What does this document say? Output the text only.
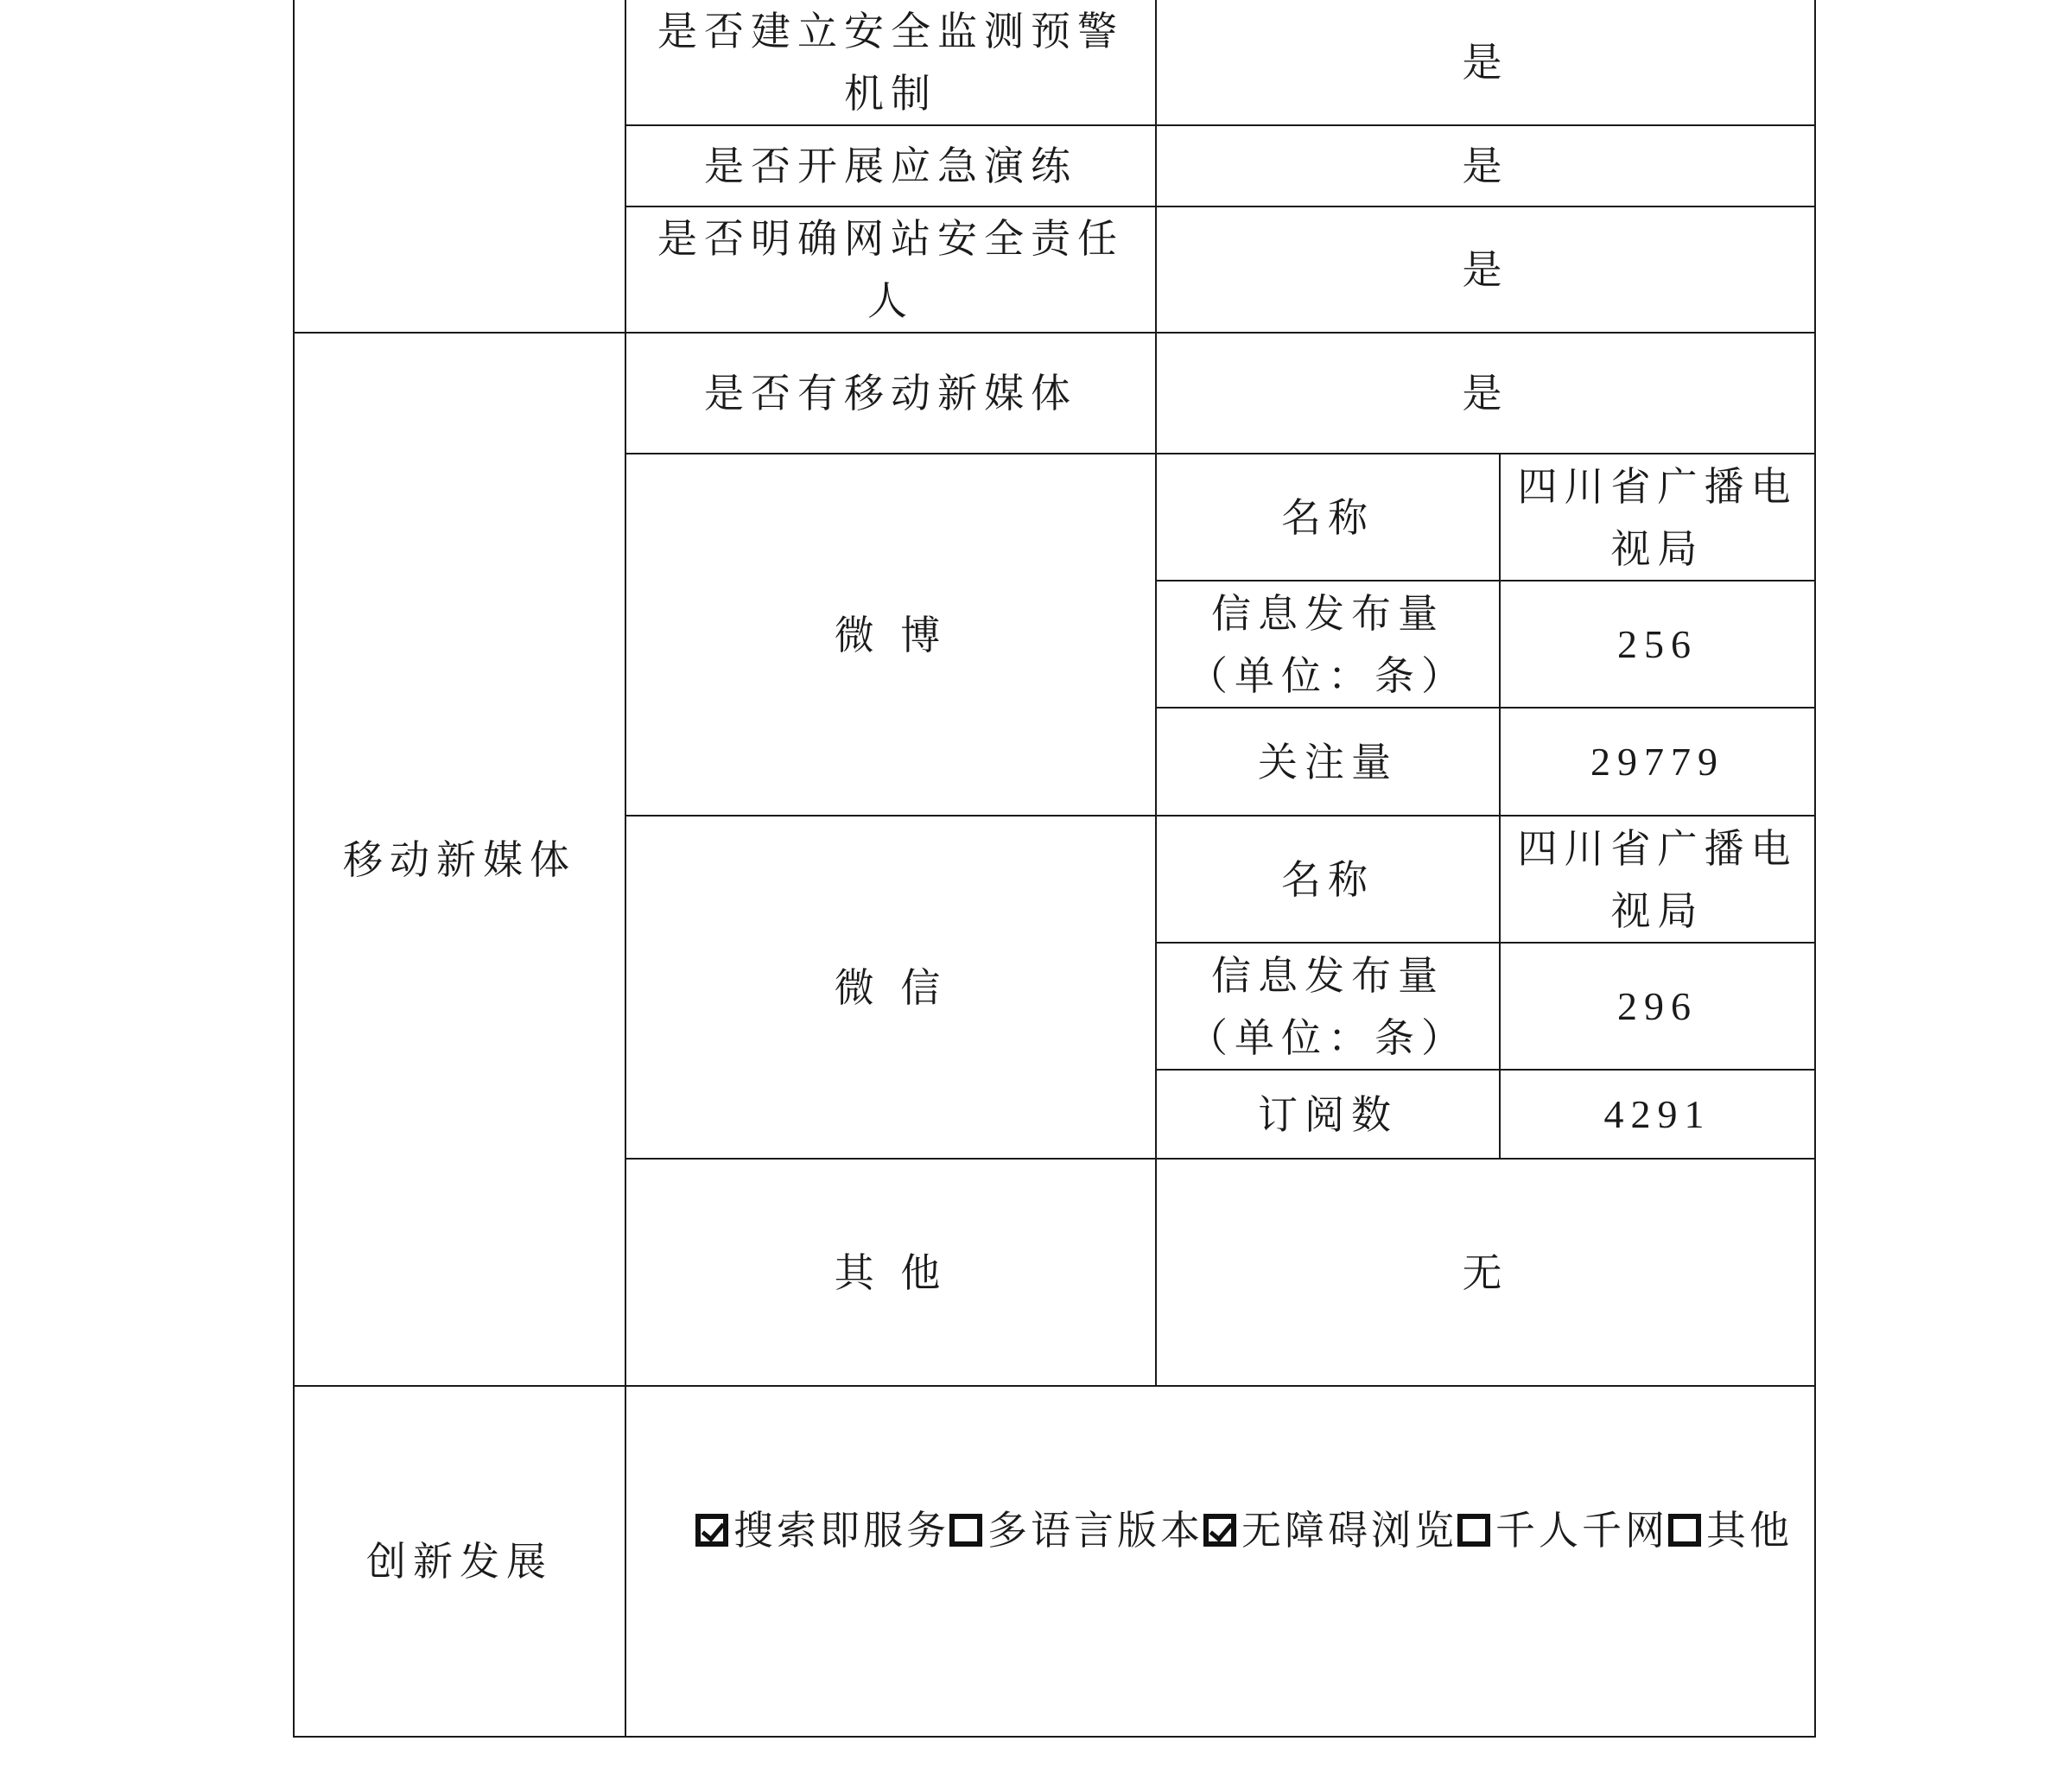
	是否建立安全监测预警机制	是	
	是否开展应急演练	是	
	是否明确网站安全责任人	是	
移动新媒体	是否有移动新媒体	是	
	微 博	名称	四川省广播电视局
		信息发布量（单位：条）	256
		关注量	29779
	微 信	名称	四川省广播电视局
		信息发布量（单位：条）	296
		订阅数	4291
	其 他	无	
创新发展	搜索即服务 多语言版本 无障碍浏览 千人千网 其他		
